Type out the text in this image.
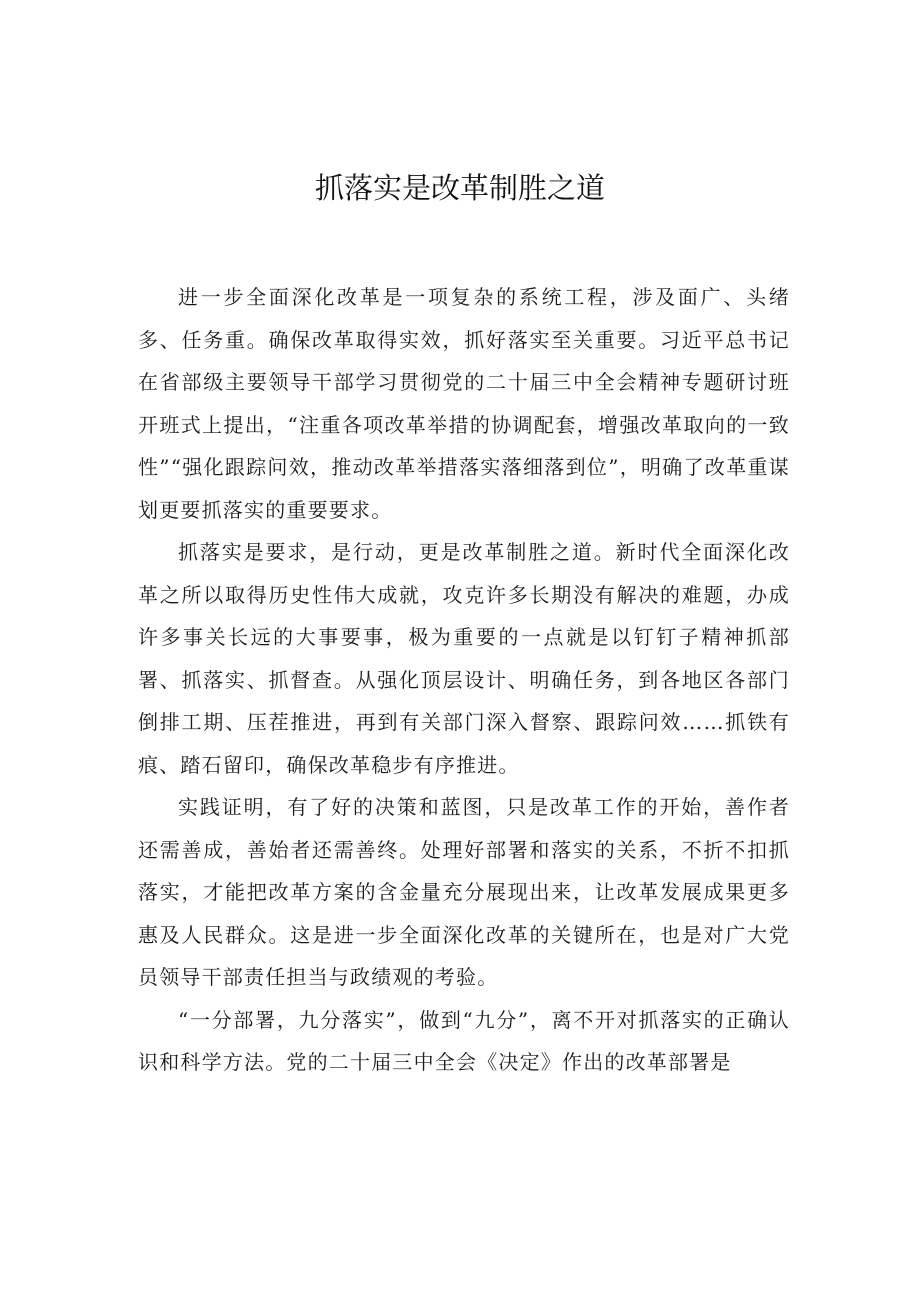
抓落实是改革制胜之道

进一步全面深化改革是一项复杂的系统工程，涉及面广、头绪多、任务重。确保改革取得实效，抓好落实至关重要。习近平总书记在省部级主要领导干部学习贯彻党的二十届三中全会精神专题研讨班开班式上提出，“注重各项改革举措的协调配套，增强改革取向的一致性”“强化跟踪问效，推动改革举措落实落细落到位”，明确了改革重谋划更要抓落实的重要要求。

抓落实是要求，是行动，更是改革制胜之道。新时代全面深化改革之所以取得历史性伟大成就，攻克许多长期没有解决的难题，办成许多事关长远的大事要事，极为重要的一点就是以钉钉子精神抓部署、抓落实、抓督查。从强化顶层设计、明确任务，到各地区各部门倒排工期、压茬推进，再到有关部门深入督察、跟踪问效……抓铁有痕、踏石留印，确保改革稳步有序推进。

实践证明，有了好的决策和蓝图，只是改革工作的开始，善作者还需善成，善始者还需善终。处理好部署和落实的关系，不折不扣抓落实，才能把改革方案的含金量充分展现出来，让改革发展成果更多惠及人民群众。这是进一步全面深化改革的关键所在，也是对广大党员领导干部责任担当与政绩观的考验。

“一分部署，九分落实”，做到“九分”，离不开对抓落实的正确认识和科学方法。党的二十届三中全会《决定》作出的改革部署是
